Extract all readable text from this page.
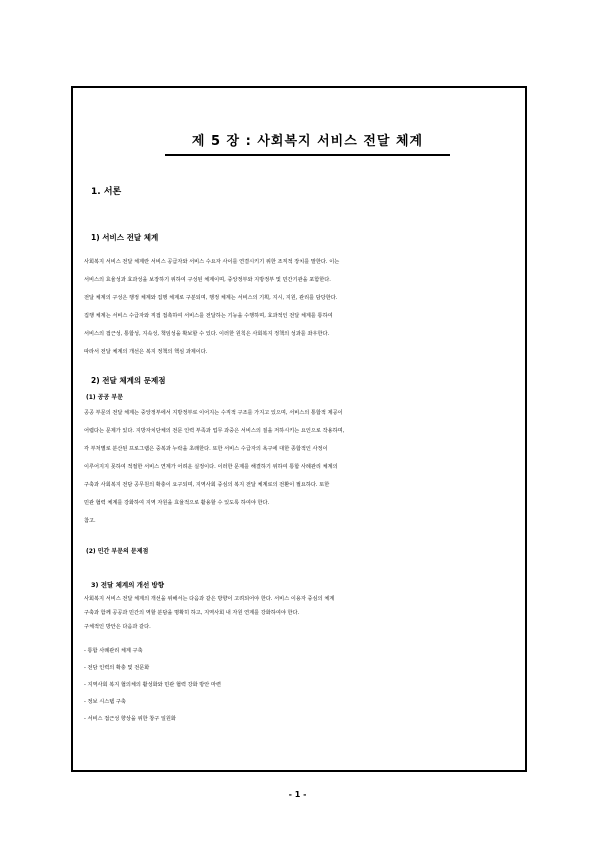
제 5 장 : 사회복지 서비스 전달 체계
1. 서론
1) 서비스 전달 체계
사회복지 서비스 전달 체계란 서비스 공급자와 서비스 수요자 사이를 연결시키기 위한 조직적 장치를 말한다. 이는
서비스의 효율성과 효과성을 보장하기 위하여 구성된 체계이며, 중앙정부와 지방정부 및 민간기관을 포함한다.
전달 체계의 구성은 행정 체계와 집행 체계로 구분되며, 행정 체계는 서비스의 기획, 지시, 지원, 관리를 담당한다.
집행 체계는 서비스 수급자와 직접 접촉하여 서비스를 전달하는 기능을 수행하며, 효과적인 전달 체계를 통하여
서비스의 접근성, 통합성, 지속성, 책임성을 확보할 수 있다. 이러한 원칙은 사회복지 정책의 성과를 좌우한다.
따라서 전달 체계의 개선은 복지 정책의 핵심 과제이다.
2) 전달 체계의 문제점
(1) 공공 부문
공공 부문의 전달 체계는 중앙정부에서 지방정부로 이어지는 수직적 구조를 가지고 있으며, 서비스의 통합적 제공이
어렵다는 문제가 있다. 지방자치단체의 전문 인력 부족과 업무 과중은 서비스의 질을 저하시키는 요인으로 작용하며,
각 부처별로 분산된 프로그램은 중복과 누락을 초래한다. 또한 서비스 수급자의 욕구에 대한 종합적인 사정이
이루어지지 못하여 적절한 서비스 연계가 어려운 실정이다. 이러한 문제를 해결하기 위하여 통합 사례관리 체계의
구축과 사회복지 전담 공무원의 확충이 요구되며, 지역사회 중심의 복지 전달 체계로의 전환이 필요하다. 또한
민관 협력 체계를 강화하여 지역 자원을 효율적으로 활용할 수 있도록 하여야 한다.
참고.
(2) 민간 부문의 문제점
3) 전달 체계의 개선 방향
사회복지 서비스 전달 체계의 개선을 위해서는 다음과 같은 방향이 고려되어야 한다. 서비스 이용자 중심의 체계
구축과 함께 공공과 민간의 역할 분담을 명확히 하고, 지역사회 내 자원 연계를 강화하여야 한다.
구체적인 방안은 다음과 같다.
- 통합 사례관리 체계 구축
- 전담 인력의 확충 및 전문화
- 지역사회 복지 협의체의 활성화와 민관 협력 강화 방안 마련
- 정보 시스템 구축
- 서비스 접근성 향상을 위한 창구 일원화
- 1 -
